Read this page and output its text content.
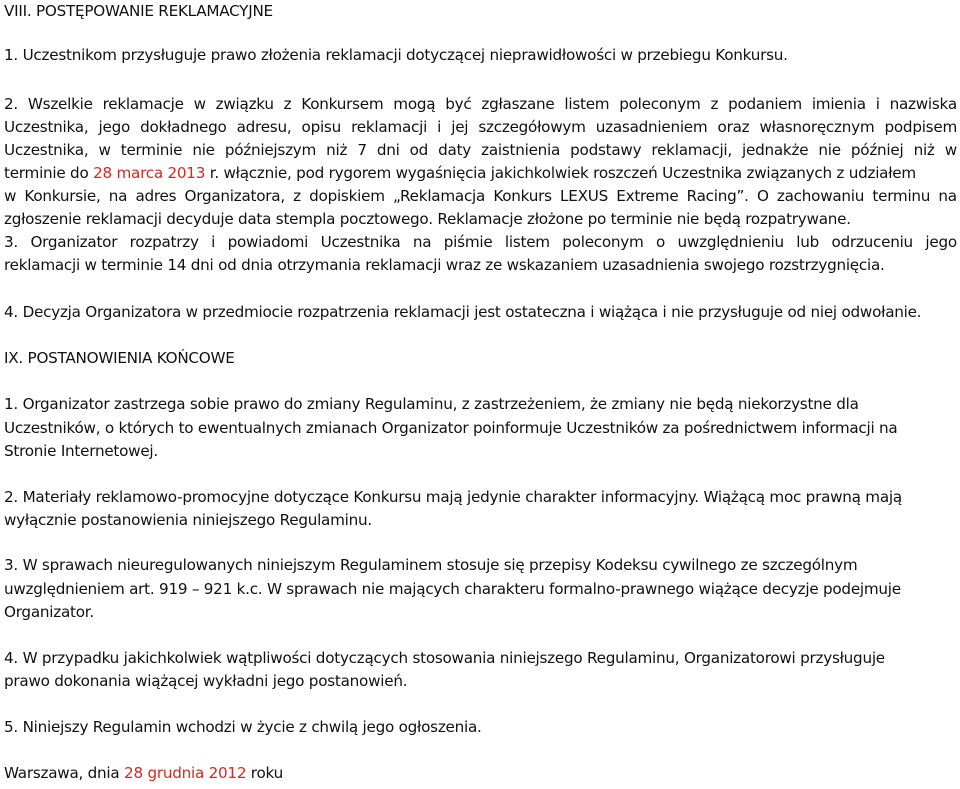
VIII. POSTĘPOWANIE REKLAMACYJNE
1. Uczestnikom przysługuje prawo złożenia reklamacji dotyczącej nieprawidłowości w przebiegu Konkursu.
2. Wszelkie reklamacje w związku z Konkursem mogą być zgłaszane listem poleconym z podaniem imienia i nazwiska
Uczestnika, jego dokładnego adresu, opisu reklamacji i jej szczegółowym uzasadnieniem oraz własnoręcznym podpisem
Uczestnika, w terminie nie późniejszym niż 7 dni od daty zaistnienia podstawy reklamacji, jednakże nie później niż w
terminie do 28 marca 2013 r. włącznie, pod rygorem wygaśnięcia jakichkolwiek roszczeń Uczestnika związanych z udziałem
w Konkursie, na adres Organizatora, z dopiskiem „Reklamacja Konkurs LEXUS Extreme Racing”. O zachowaniu terminu na
zgłoszenie reklamacji decyduje data stempla pocztowego. Reklamacje złożone po terminie nie będą rozpatrywane.
3. Organizator rozpatrzy i powiadomi Uczestnika na piśmie listem poleconym o uwzględnieniu lub odrzuceniu jego
reklamacji w terminie 14 dni od dnia otrzymania reklamacji wraz ze wskazaniem uzasadnienia swojego rozstrzygnięcia.
4. Decyzja Organizatora w przedmiocie rozpatrzenia reklamacji jest ostateczna i wiążąca i nie przysługuje od niej odwołanie.
IX. POSTANOWIENIA KOŃCOWE
1. Organizator zastrzega sobie prawo do zmiany Regulaminu, z zastrzeżeniem, że zmiany nie będą niekorzystne dla
Uczestników, o których to ewentualnych zmianach Organizator poinformuje Uczestników za pośrednictwem informacji na
Stronie Internetowej.
2. Materiały reklamowo-promocyjne dotyczące Konkursu mają jedynie charakter informacyjny. Wiążącą moc prawną mają
wyłącznie postanowienia niniejszego Regulaminu.
3. W sprawach nieuregulowanych niniejszym Regulaminem stosuje się przepisy Kodeksu cywilnego ze szczególnym
uwzględnieniem art. 919 – 921 k.c. W sprawach nie mających charakteru formalno-prawnego wiążące decyzje podejmuje
Organizator.
4. W przypadku jakichkolwiek wątpliwości dotyczących stosowania niniejszego Regulaminu, Organizatorowi przysługuje
prawo dokonania wiążącej wykładni jego postanowień.
5. Niniejszy Regulamin wchodzi w życie z chwilą jego ogłoszenia.
Warszawa, dnia 28 grudnia 2012 roku
